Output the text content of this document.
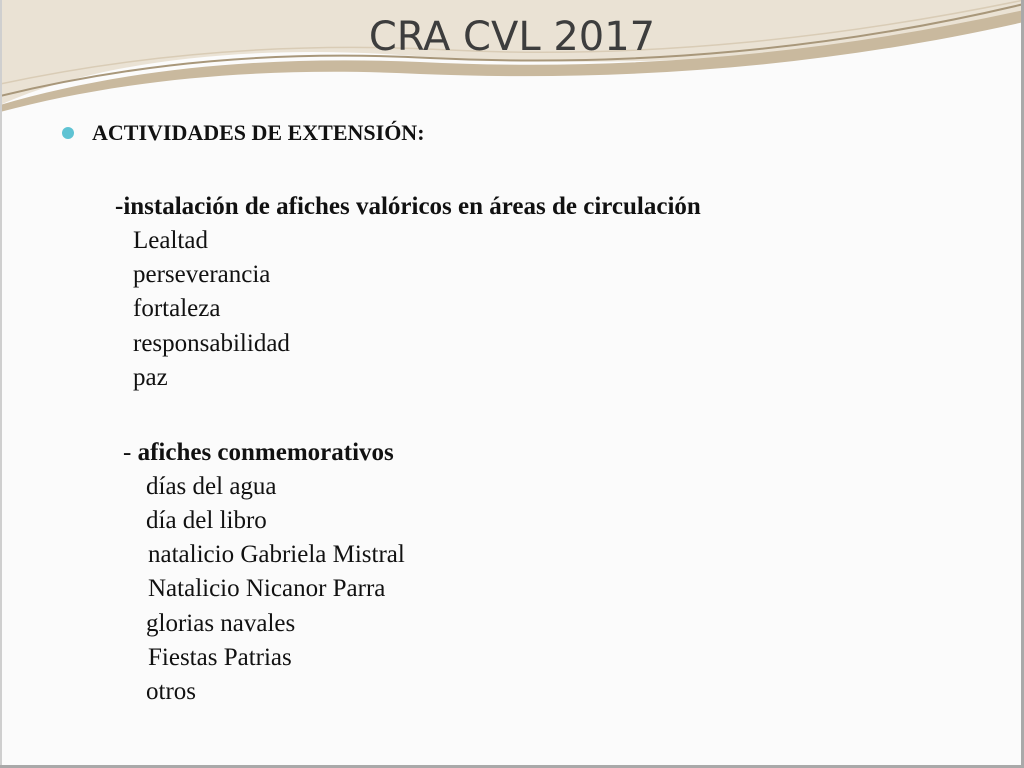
CRA CVL 2017
ACTIVIDADES DE EXTENSIÓN:
-instalación de afiches valóricos en áreas de circulación
Lealtad
perseverancia
fortaleza
responsabilidad
paz
- afiches conmemorativos
días del agua
día del libro
natalicio Gabriela Mistral
Natalicio Nicanor Parra
glorias navales
Fiestas Patrias
otros
